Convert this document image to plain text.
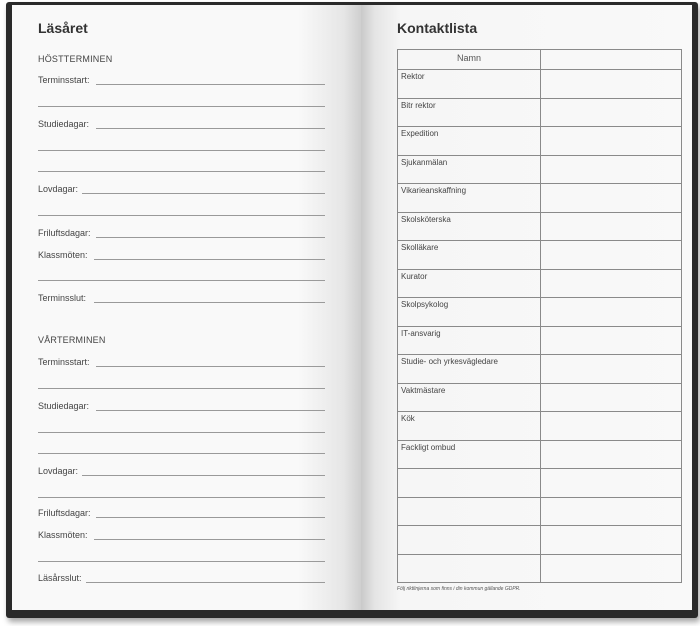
Läsåret
HÖSTTERMINEN
Terminsstart:
Studiedagar:
Lovdagar:
Friluftsdagar:
Klassmöten:
Terminsslut:
VÅRTERMINEN
Terminsstart:
Studiedagar:
Lovdagar:
Friluftsdagar:
Klassmöten:
Läsårsslut:
Kontaktlista
Namn
Rektor
Bitr rektor
Expedition
Sjukanmälan
Vikarieanskaffning
Skolsköterska
Skolläkare
Kurator
Skolpsykolog
IT-ansvarig
Studie- och yrkesvägledare
Vaktmästare
Kök
Fackligt ombud
Följ riktlinjerna som finns i din kommun gällande GDPR.
